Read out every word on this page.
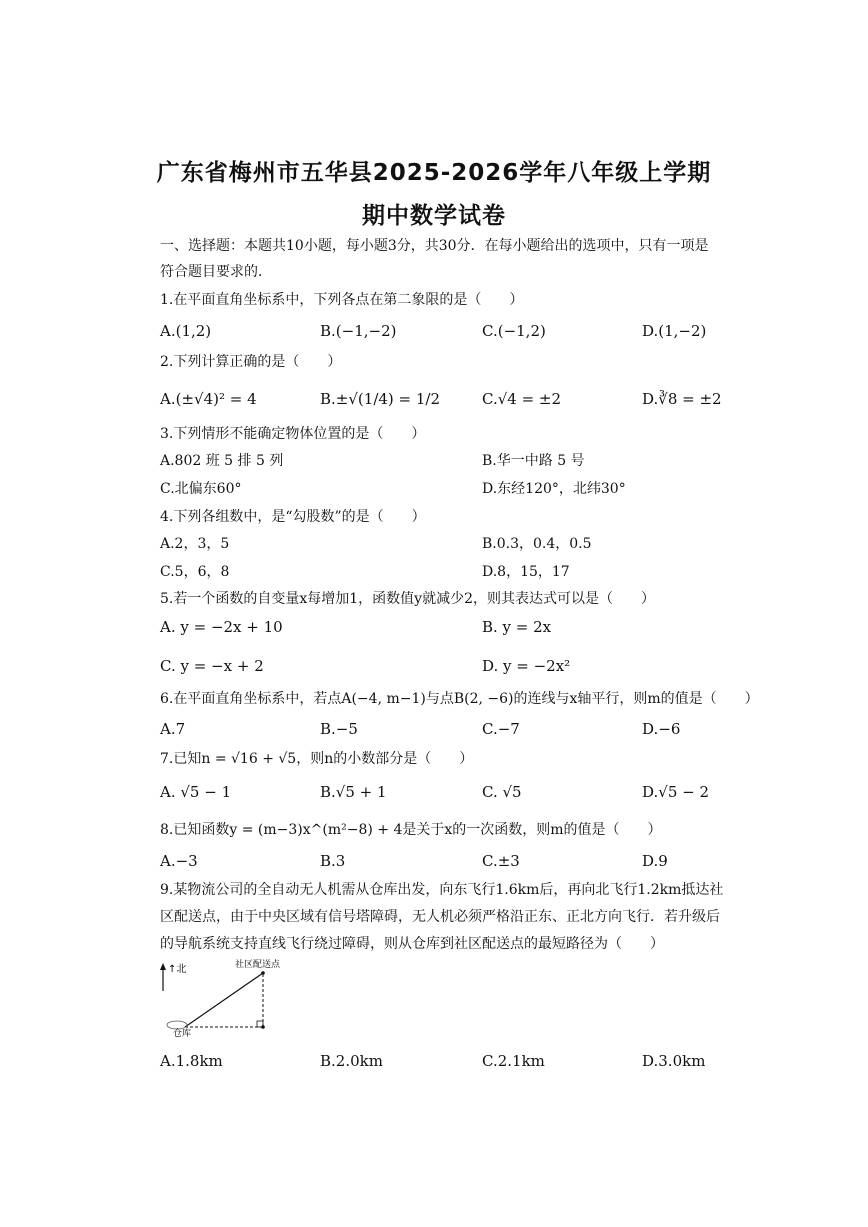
广东省梅州市五华县2025-2026学年八年级上学期
期中数学试卷
一、选择题：本题共10小题，每小题3分，共30分．在每小题给出的选项中，只有一项是
符合题目要求的．
1.在平面直角坐标系中，下列各点在第二象限的是（　　）
A.(1,2)	B.(−1,−2)	C.(−1,2)	D.(1,−2)
2.下列计算正确的是（　　）
A.(±√4)² = 4	B.±√(1/4) = 1/2	C.√4 = ±2	D.∛8 = ±2
3.下列情形不能确定物体位置的是（　　）
A.802 班 5 排 5 列	B.华一中路 5 号
C.北偏东60°	D.东经120°，北纬30°
4.下列各组数中，是“勾股数”的是（　　）
A.2，3，5	B.0.3，0.4，0.5
C.5，6，8	D.8，15，17
5.若一个函数的自变量x每增加1，函数值y就减少2，则其表达式可以是（　　）
A. y = −2x + 10	B. y = 2x
C. y = −x + 2	D. y = −2x²
6.在平面直角坐标系中，若点A(−4, m−1)与点B(2, −6)的连线与x轴平行，则m的值是（　　）
A.7	B.−5	C.−7	D.−6
7.已知n = √16 + √5，则n的小数部分是（　　）
A. √5 − 1	B.√5 + 1	C. √5	D.√5 − 2
8.已知函数y = (m−3)x^(m²−8) + 4是关于x的一次函数，则m的值是（　　）
A.−3	B.3	C.±3	D.9
9.某物流公司的全自动无人机需从仓库出发，向东飞行1.6km后，再向北飞行1.2km抵达社
区配送点，由于中央区域有信号塔障碍，无人机必须严格沿正东、正北方向飞行．若升级后
的导航系统支持直线飞行绕过障碍，则从仓库到社区配送点的最短路径为（　　）
↑北	社区配送点
仓库
A.1.8km	B.2.0km	C.2.1km	D.3.0km
